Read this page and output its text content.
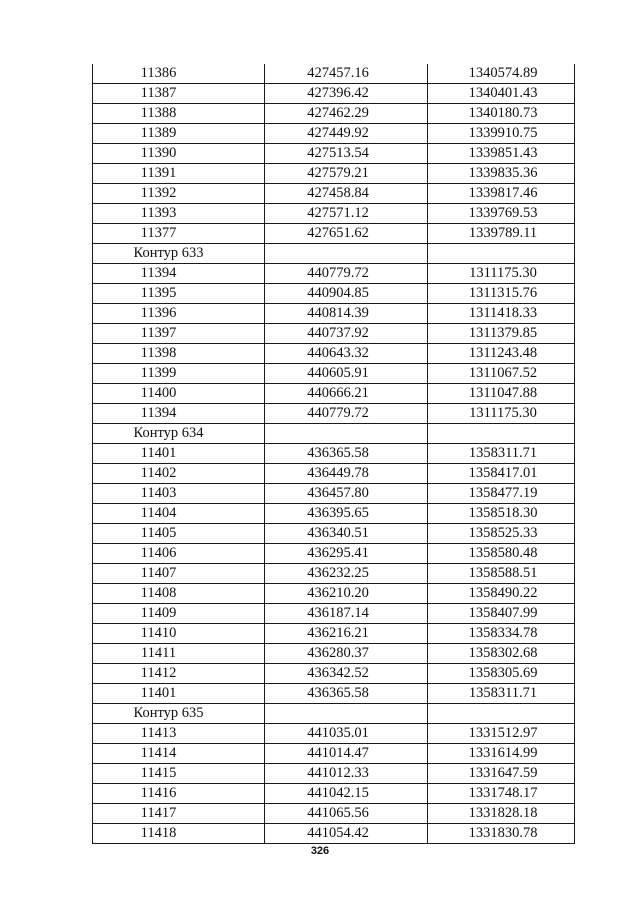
11386	427457.16	1340574.89
11387	427396.42	1340401.43
11388	427462.29	1340180.73
11389	427449.92	1339910.75
11390	427513.54	1339851.43
11391	427579.21	1339835.36
11392	427458.84	1339817.46
11393	427571.12	1339769.53
11377	427651.62	1339789.11
Контур 633		
11394	440779.72	1311175.30
11395	440904.85	1311315.76
11396	440814.39	1311418.33
11397	440737.92	1311379.85
11398	440643.32	1311243.48
11399	440605.91	1311067.52
11400	440666.21	1311047.88
11394	440779.72	1311175.30
Контур 634		
11401	436365.58	1358311.71
11402	436449.78	1358417.01
11403	436457.80	1358477.19
11404	436395.65	1358518.30
11405	436340.51	1358525.33
11406	436295.41	1358580.48
11407	436232.25	1358588.51
11408	436210.20	1358490.22
11409	436187.14	1358407.99
11410	436216.21	1358334.78
11411	436280.37	1358302.68
11412	436342.52	1358305.69
11401	436365.58	1358311.71
Контур 635		
11413	441035.01	1331512.97
11414	441014.47	1331614.99
11415	441012.33	1331647.59
11416	441042.15	1331748.17
11417	441065.56	1331828.18
11418	441054.42	1331830.78
326
